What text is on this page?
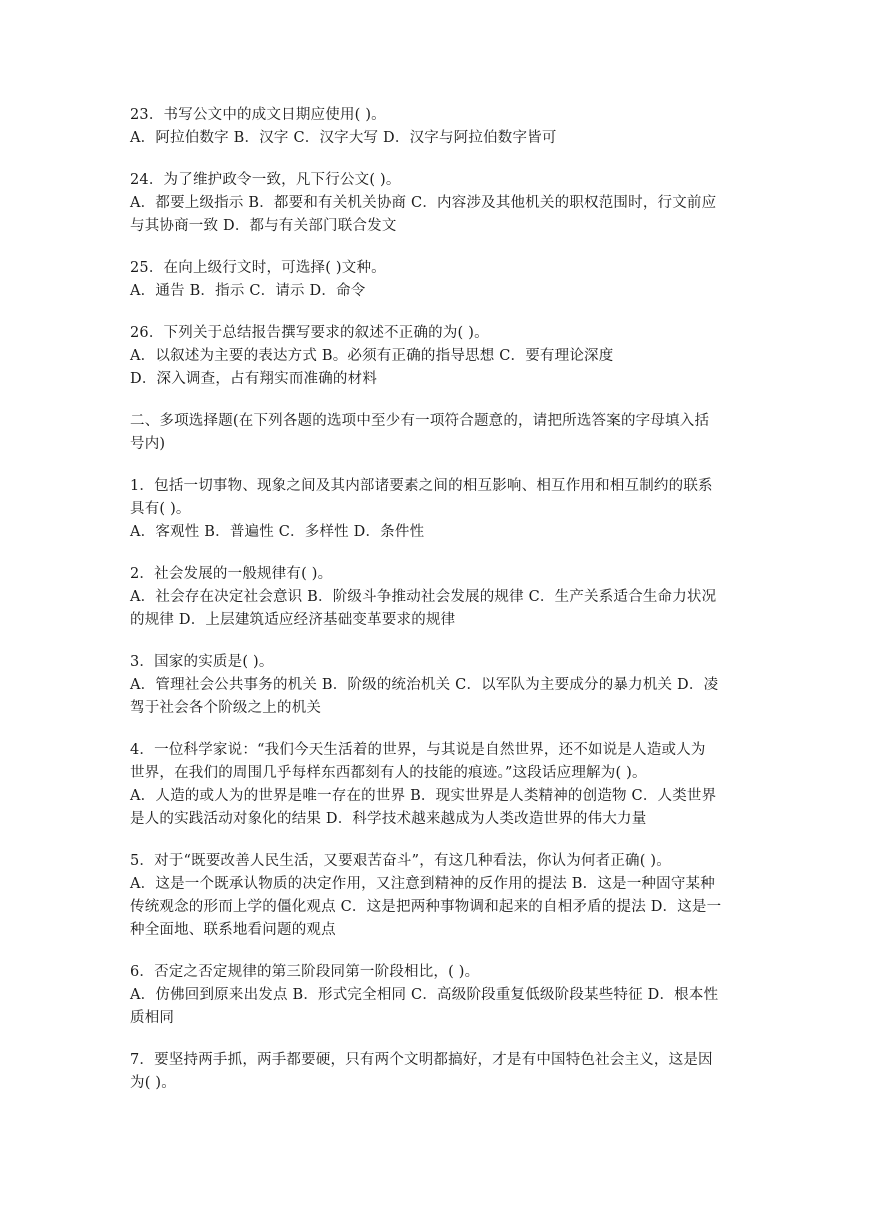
23．书写公文中的成文日期应使用( )。
A．阿拉伯数字 B．汉字 C．汉字大写 D．汉字与阿拉伯数字皆可
24．为了维护政令一致，凡下行公文( )。
A．都要上级指示 B．都要和有关机关协商 C．内容涉及其他机关的职权范围时，行文前应
与其协商一致 D．都与有关部门联合发文
25．在向上级行文时，可选择( )文种。
A．通告 B．指示 C．请示 D．命令
26．下列关于总结报告撰写要求的叙述不正确的为( )。
A．以叙述为主要的表达方式 B。必须有正确的指导思想 C．要有理论深度
D．深入调查，占有翔实而准确的材料
二、多项选择题(在下列各题的选项中至少有一项符合题意的，请把所选答案的字母填入括
号内)
1．包括一切事物、现象之间及其内部诸要素之间的相互影响、相互作用和相互制约的联系
具有( )。
A．客观性 B．普遍性 C．多样性 D．条件性
2．社会发展的一般规律有( )。
A．社会存在决定社会意识 B．阶级斗争推动社会发展的规律 C．生产关系适合生命力状况
的规律 D．上层建筑适应经济基础变革要求的规律
3．国家的实质是( )。
A．管理社会公共事务的机关 B．阶级的统治机关 C．以军队为主要成分的暴力机关 D．凌
驾于社会各个阶级之上的机关
4．一位科学家说：“我们今天生活着的世界，与其说是自然世界，还不如说是人造或人为
世界，在我们的周围几乎每样东西都刻有人的技能的痕迹。”这段话应理解为( )。
A．人造的或人为的世界是唯一存在的世界 B．现实世界是人类精神的创造物 C．人类世界
是人的实践活动对象化的结果 D．科学技术越来越成为人类改造世界的伟大力量
5．对于“既要改善人民生活，又要艰苦奋斗”，有这几种看法，你认为何者正确( )。
A．这是一个既承认物质的决定作用，又注意到精神的反作用的提法 B．这是一种固守某种
传统观念的形而上学的僵化观点 C．这是把两种事物调和起来的自相矛盾的提法 D．这是一
种全面地、联系地看问题的观点
6．否定之否定规律的第三阶段同第一阶段相比，( )。
A．仿佛回到原来出发点 B．形式完全相同 C．高级阶段重复低级阶段某些特征 D．根本性
质相同
7．要坚持两手抓，两手都要硬，只有两个文明都搞好，才是有中国特色社会主义，这是因
为( )。
